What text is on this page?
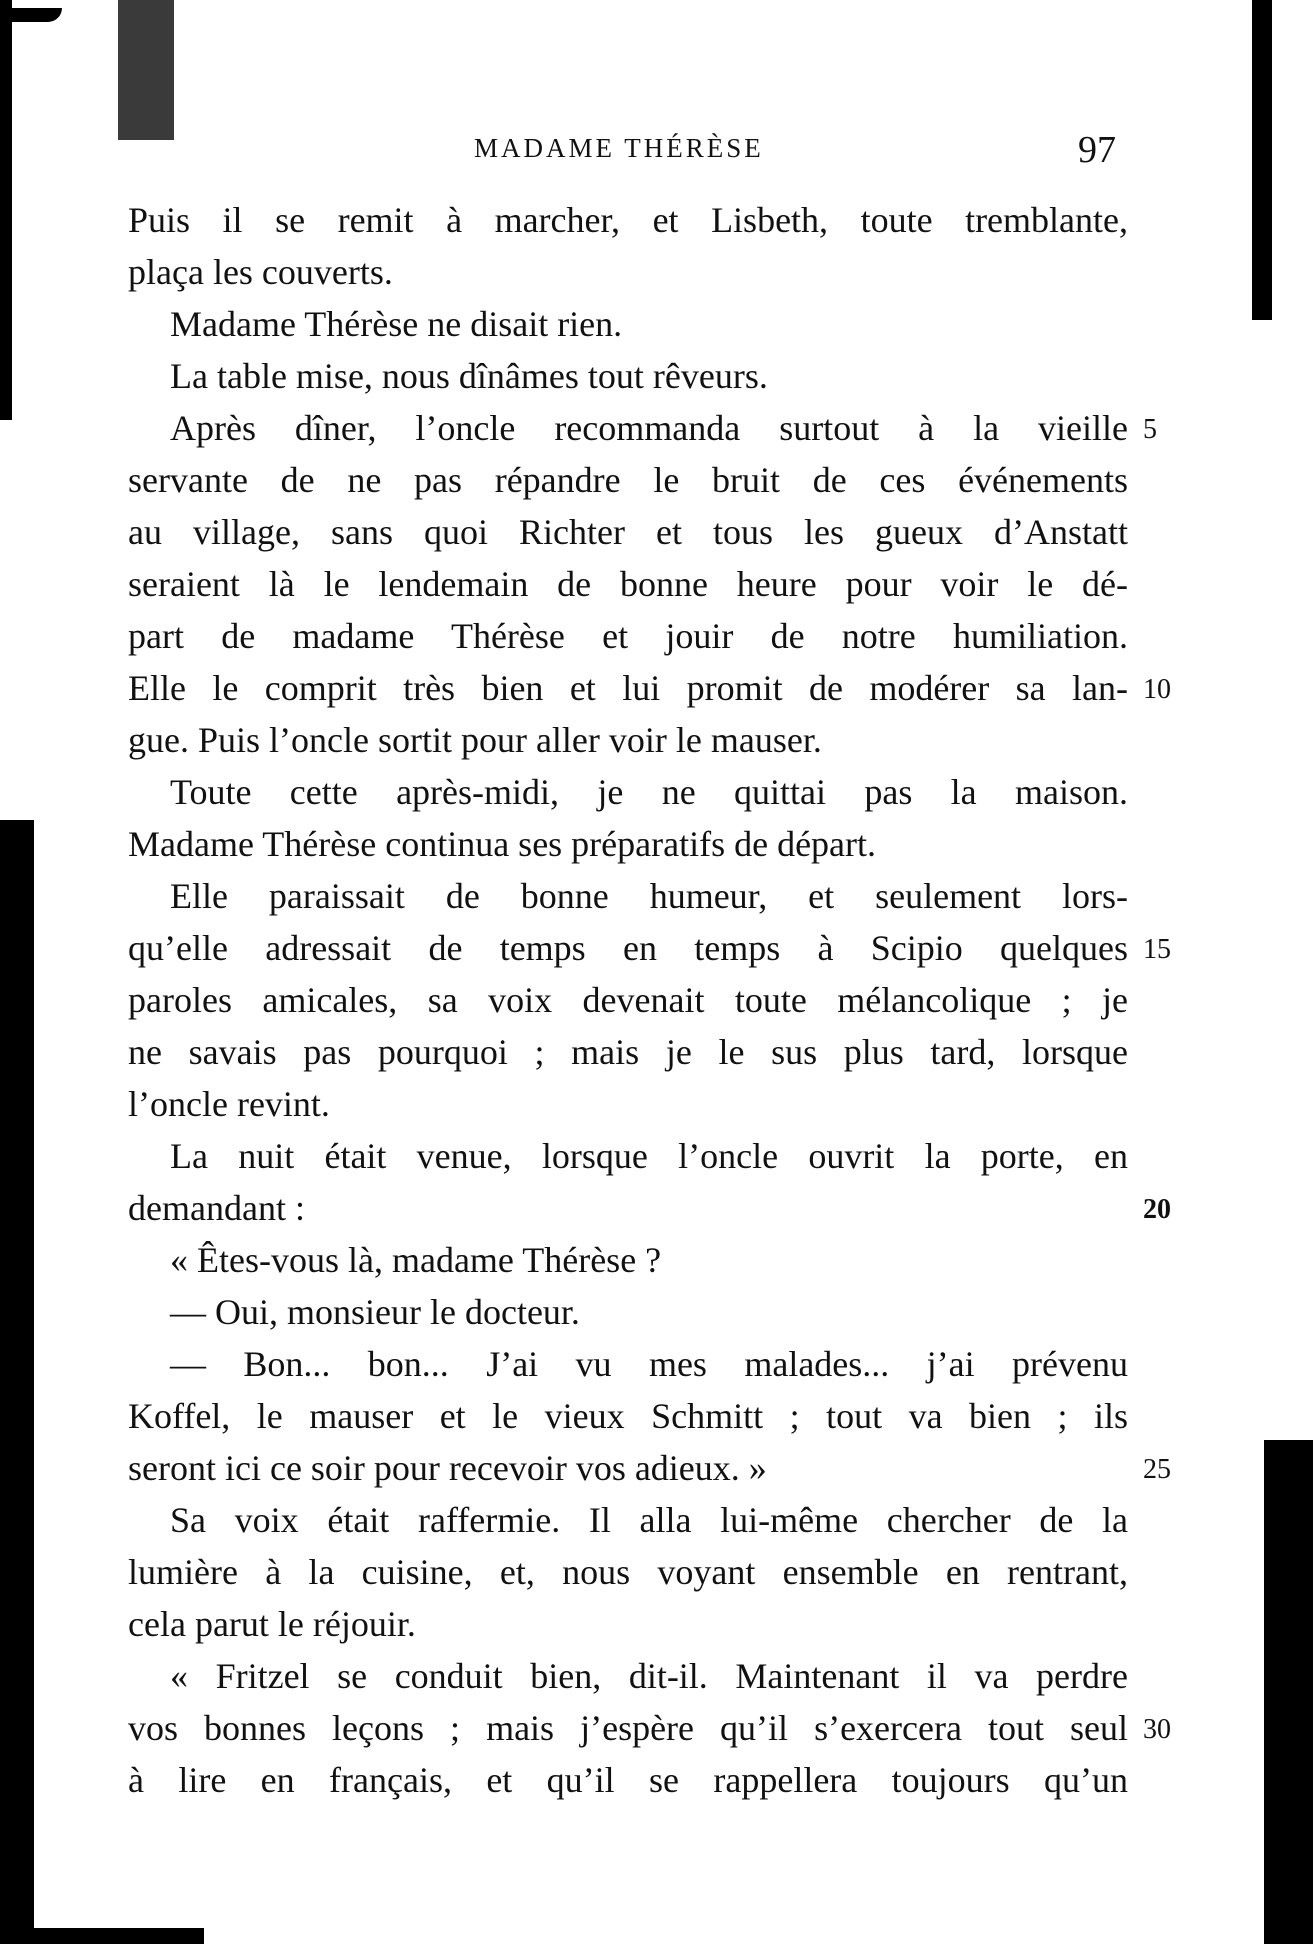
MADAME THÉRÈSE	97
Puis il se remit à marcher, et Lisbeth, toute tremblante,
plaça les couverts.
Madame Thérèse ne disait rien.
La table mise, nous dînâmes tout rêveurs.
Après dîner, l’oncle recommanda surtout à la vieille 5
servante de ne pas répandre le bruit de ces événements
au village, sans quoi Richter et tous les gueux d’Anstatt
seraient là le lendemain de bonne heure pour voir le dé-
part de madame Thérèse et jouir de notre humiliation.
Elle le comprit très bien et lui promit de modérer sa lan- 10
gue. Puis l’oncle sortit pour aller voir le mauser.
Toute cette après-midi, je ne quittai pas la maison.
Madame Thérèse continua ses préparatifs de départ.
Elle paraissait de bonne humeur, et seulement lors-
qu’elle adressait de temps en temps à Scipio quelques 15
paroles amicales, sa voix devenait toute mélancolique ; je
ne savais pas pourquoi ; mais je le sus plus tard, lorsque
l’oncle revint.
La nuit était venue, lorsque l’oncle ouvrit la porte, en
demandant :	20
« Êtes-vous là, madame Thérèse ?
— Oui, monsieur le docteur.
— Bon... bon... J’ai vu mes malades... j’ai prévenu
Koffel, le mauser et le vieux Schmitt ; tout va bien ; ils
seront ici ce soir pour recevoir vos adieux. »	25
Sa voix était raffermie. Il alla lui-même chercher de la
lumière à la cuisine, et, nous voyant ensemble en rentrant,
cela parut le réjouir.
« Fritzel se conduit bien, dit-il. Maintenant il va perdre
vos bonnes leçons ; mais j’espère qu’il s’exercera tout seul 30
à lire en français, et qu’il se rappellera toujours qu’un
